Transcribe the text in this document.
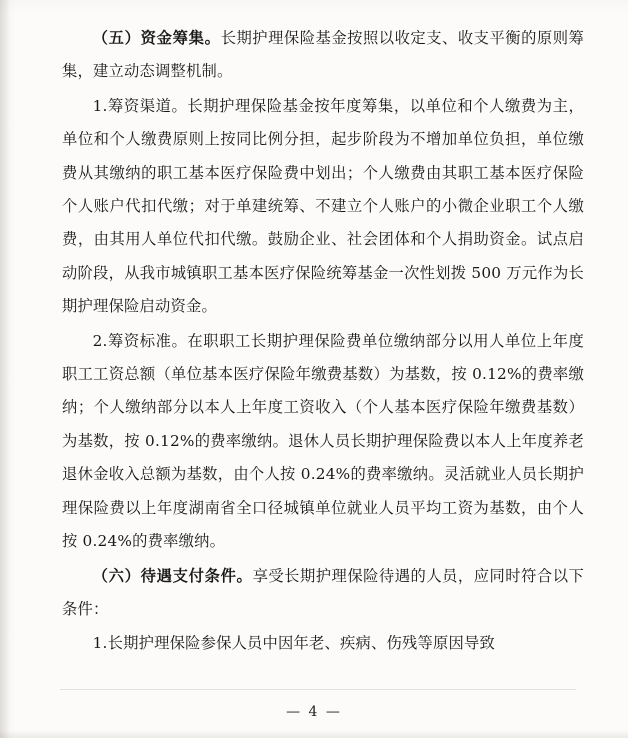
（五）资金筹集。长期护理保险基金按照以收定支、收支平衡的原则筹集，建立动态调整机制。

1.筹资渠道。长期护理保险基金按年度筹集，以单位和个人缴费为主，单位和个人缴费原则上按同比例分担，起步阶段为不增加单位负担，单位缴费从其缴纳的职工基本医疗保险费中划出；个人缴费由其职工基本医疗保险个人账户代扣代缴；对于单建统筹、不建立个人账户的小微企业职工个人缴费，由其用人单位代扣代缴。鼓励企业、社会团体和个人捐助资金。试点启动阶段，从我市城镇职工基本医疗保险统筹基金一次性划拨 500 万元作为长期护理保险启动资金。

2.筹资标准。在职职工长期护理保险费单位缴纳部分以用人单位上年度职工工资总额（单位基本医疗保险年缴费基数）为基数，按 0.12%的费率缴纳；个人缴纳部分以本人上年度工资收入（个人基本医疗保险年缴费基数）为基数，按 0.12%的费率缴纳。退休人员长期护理保险费以本人上年度养老退休金收入总额为基数，由个人按 0.24%的费率缴纳。灵活就业人员长期护理保险费以上年度湖南省全口径城镇单位就业人员平均工资为基数，由个人按 0.24%的费率缴纳。

（六）待遇支付条件。享受长期护理保险待遇的人员，应同时符合以下条件：

1.长期护理保险参保人员中因年老、疾病、伤残等原因导致

— 4 —
